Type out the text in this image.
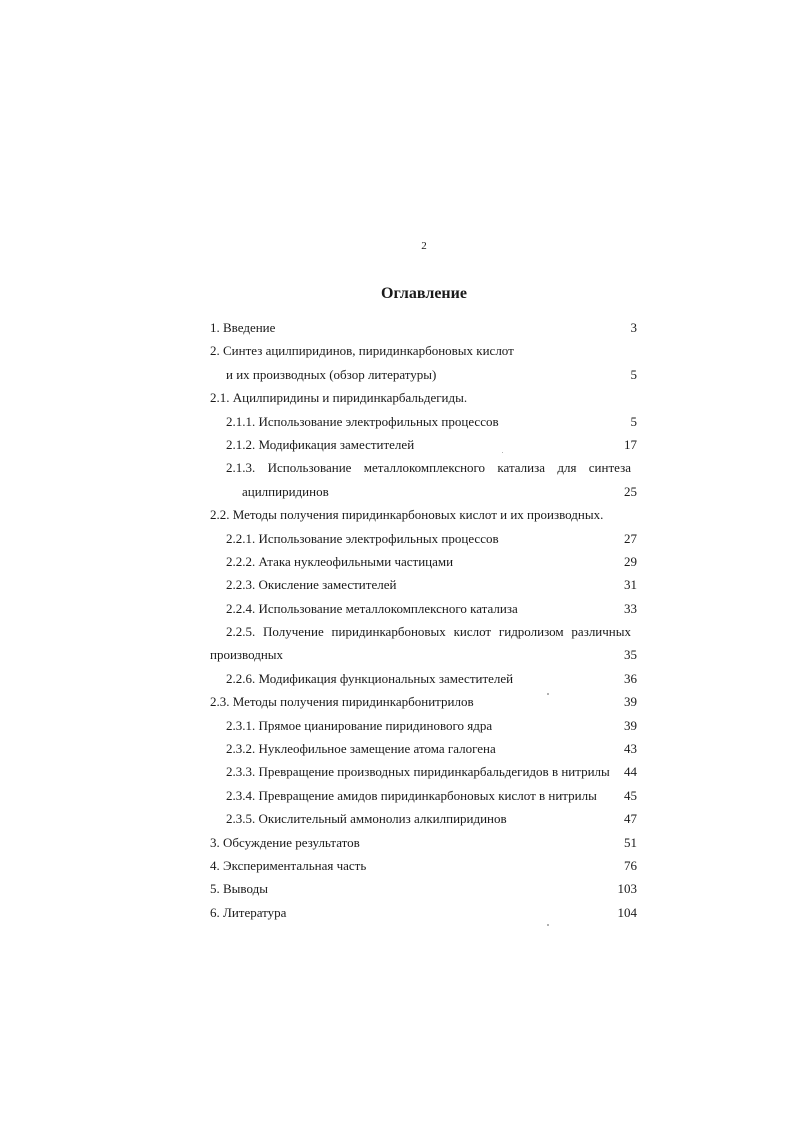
2
Оглавление
1. Введение	3
2. Синтез ацилпиридинов, пиридинкарбоновых кислот
и их производных (обзор литературы)	5
2.1. Ацилпиридины и пиридинкарбальдегиды.
2.1.1. Использование электрофильных процессов	5
2.1.2. Модификация заместителей	17
2.1.3. Использование металлокомплексного катализа для синтеза
ацилпиридинов	25
2.2. Методы получения пиридинкарбоновых кислот и их производных.
2.2.1. Использование электрофильных процессов	27
2.2.2. Атака нуклеофильными частицами	29
2.2.3. Окисление заместителей	31
2.2.4. Использование металлокомплексного катализа	33
2.2.5. Получение пиридинкарбоновых кислот гидролизом различных
производных	35
2.2.6. Модификация функциональных заместителей	36
2.3. Методы получения пиридинкарбонитрилов	39
2.3.1. Прямое цианирование пиридинового ядра	39
2.3.2. Нуклеофильное замещение атома галогена	43
2.3.3. Превращение производных пиридинкарбальдегидов в нитрилы	44
2.3.4. Превращение амидов пиридинкарбоновых кислот в нитрилы	45
2.3.5. Окислительный аммонолиз алкилпиридинов	47
3. Обсуждение результатов	51
4. Экспериментальная часть	76
5. Выводы	103
6. Литература	104
